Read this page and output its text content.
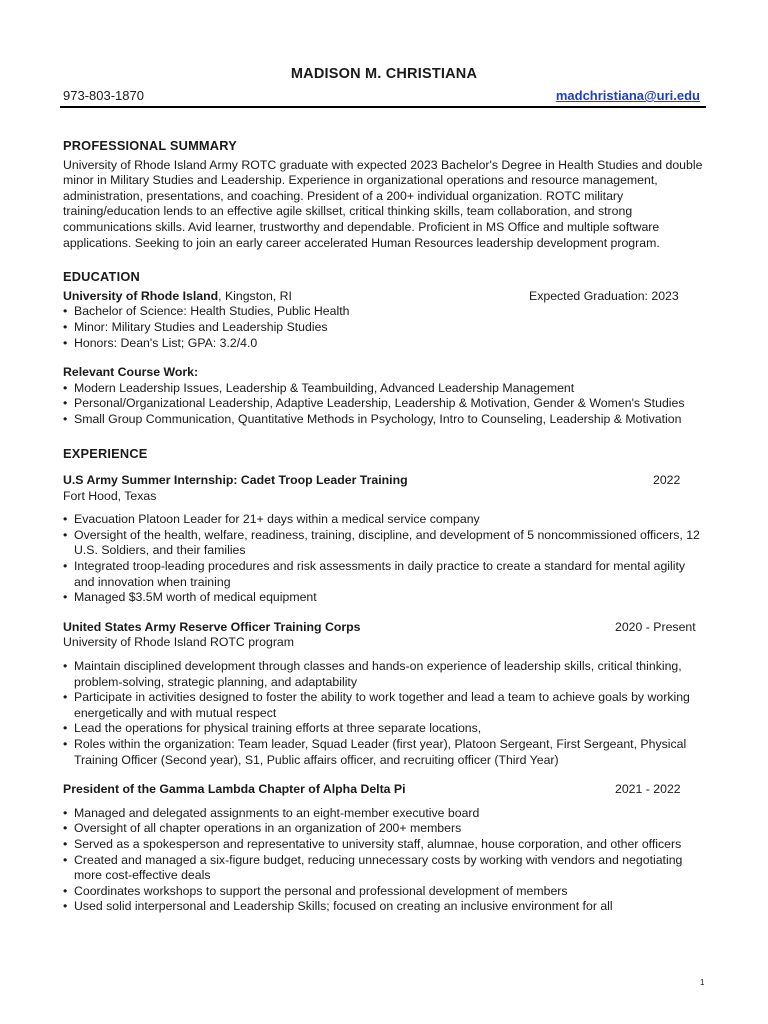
MADISON M. CHRISTIANA
973-803-1870	madchristiana@uri.edu
PROFESSIONAL SUMMARY

University of Rhode Island Army ROTC graduate with expected 2023 Bachelor's Degree in Health Studies and double minor in Military Studies and Leadership. Experience in organizational operations and resource management, administration, presentations, and coaching. President of a 200+ individual organization. ROTC military training/education lends to an effective agile skillset, critical thinking skills, team collaboration, and strong communications skills. Avid learner, trustworthy and dependable. Proficient in MS Office and multiple software applications. Seeking to join an early career accelerated Human Resources leadership development program.

EDUCATION
University of Rhode Island, Kingston, RI	Expected Graduation: 2023
• Bachelor of Science: Health Studies, Public Health
• Minor: Military Studies and Leadership Studies
• Honors: Dean's List; GPA: 3.2/4.0
Relevant Course Work:
• Modern Leadership Issues, Leadership & Teambuilding, Advanced Leadership Management
• Personal/Organizational Leadership, Adaptive Leadership, Leadership & Motivation, Gender & Women's Studies
• Small Group Communication, Quantitative Methods in Psychology, Intro to Counseling, Leadership & Motivation
EXPERIENCE
U.S Army Summer Internship: Cadet Troop Leader Training	2022
Fort Hood, Texas
• Evacuation Platoon Leader for 21+ days within a medical service company
• Oversight of the health, welfare, readiness, training, discipline, and development of 5 noncommissioned officers, 12 U.S. Soldiers, and their families
• Integrated troop-leading procedures and risk assessments in daily practice to create a standard for mental agility and innovation when training
• Managed $3.5M worth of medical equipment
United States Army Reserve Officer Training Corps	2020 - Present
University of Rhode Island ROTC program
• Maintain disciplined development through classes and hands-on experience of leadership skills, critical thinking, problem-solving, strategic planning, and adaptability
• Participate in activities designed to foster the ability to work together and lead a team to achieve goals by working energetically and with mutual respect
• Lead the operations for physical training efforts at three separate locations,
• Roles within the organization: Team leader, Squad Leader (first year), Platoon Sergeant, First Sergeant, Physical Training Officer (Second year), S1, Public affairs officer, and recruiting officer (Third Year)
President of the Gamma Lambda Chapter of Alpha Delta Pi	2021 - 2022
• Managed and delegated assignments to an eight-member executive board
• Oversight of all chapter operations in an organization of 200+ members
• Served as a spokesperson and representative to university staff, alumnae, house corporation, and other officers
• Created and managed a six-figure budget, reducing unnecessary costs by working with vendors and negotiating more cost-effective deals
• Coordinates workshops to support the personal and professional development of members
• Used solid interpersonal and Leadership Skills; focused on creating an inclusive environment for all
1
